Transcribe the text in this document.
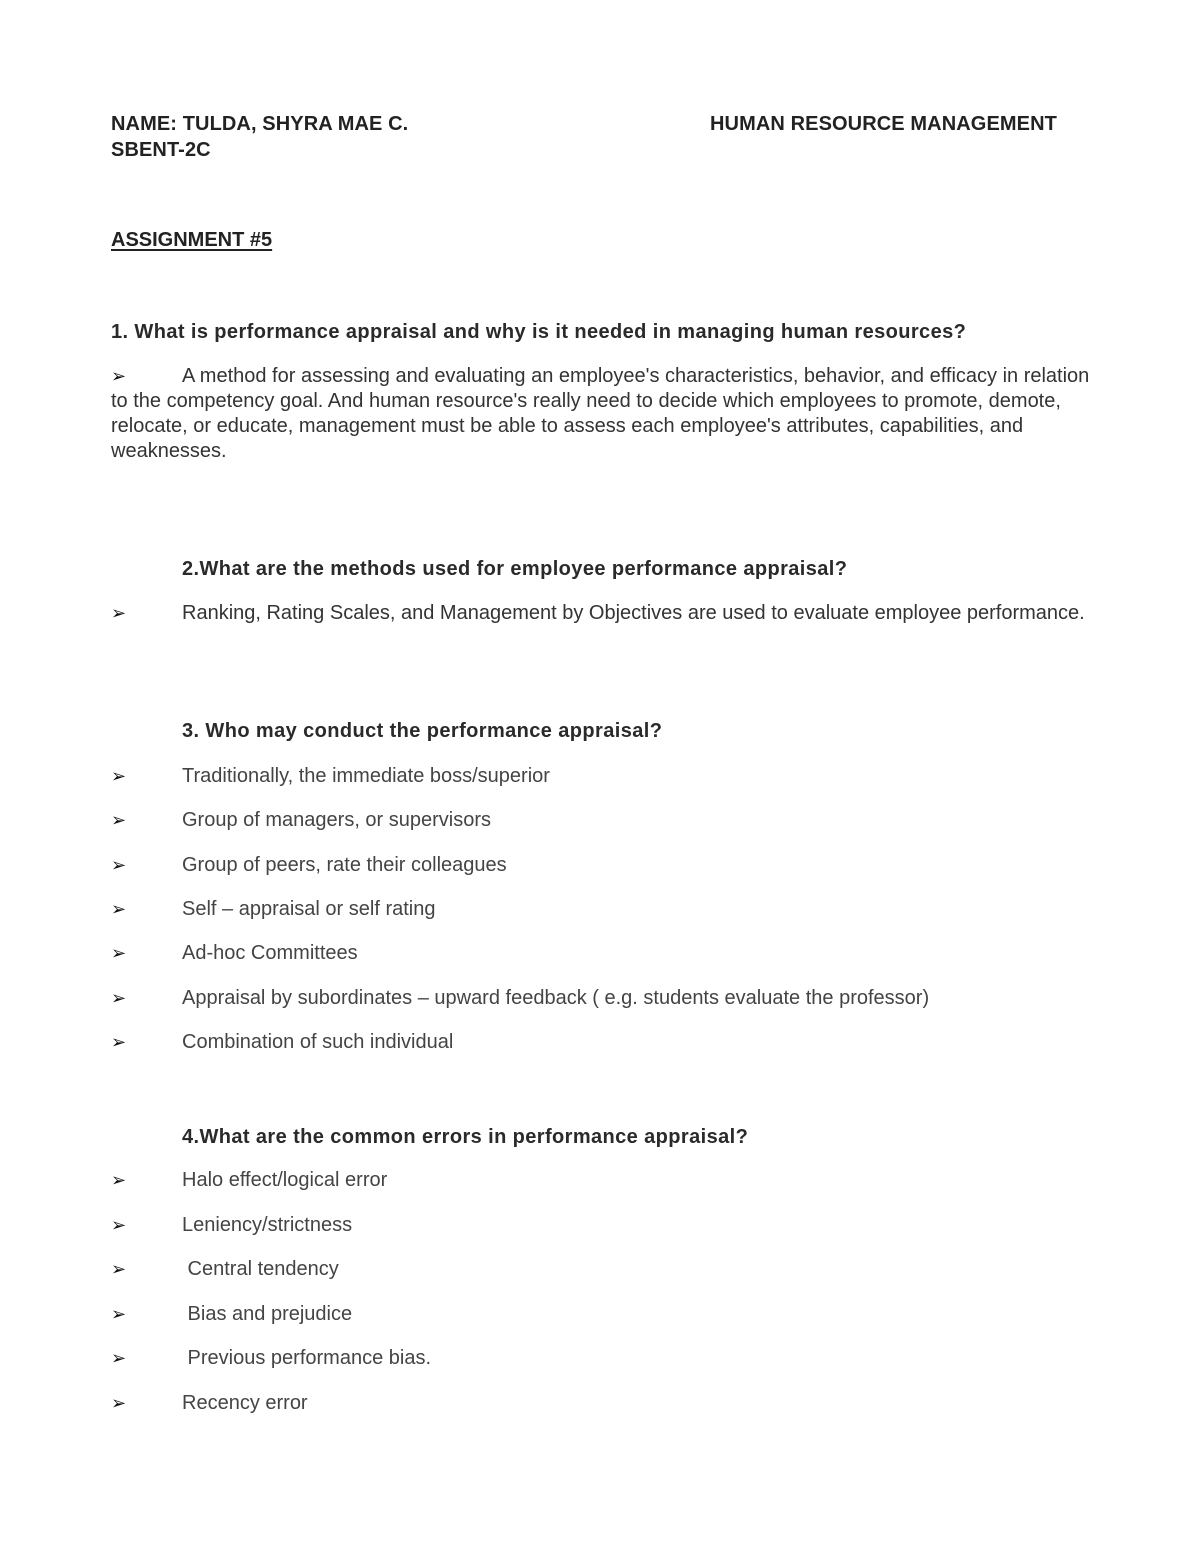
NAME: TULDA, SHYRA MAE C.	HUMAN RESOURCE MANAGEMENT
SBENT-2C
ASSIGNMENT #5
1. What is performance appraisal and why is it needed in managing human resources?
➢	A method for assessing and evaluating an employee's characteristics, behavior, and efficacy in relation to the competency goal. And human resource's really need to decide which employees to promote, demote, relocate, or educate, management must be able to assess each employee's attributes, capabilities, and weaknesses.
2.What are the methods used for employee performance appraisal?
➢	Ranking, Rating Scales, and Management by Objectives are used to evaluate employee performance.
3. Who may conduct the performance appraisal?
➢	Traditionally, the immediate boss/superior
➢	Group of managers, or supervisors
➢	Group of peers, rate their colleagues
➢	Self – appraisal or self rating
➢	Ad-hoc Committees
➢	Appraisal by subordinates – upward feedback ( e.g. students evaluate the professor)
➢	Combination of such individual
4.What are the common errors in performance appraisal?
➢	Halo effect/logical error
➢	Leniency/strictness
➢	Central tendency
➢	Bias and prejudice
➢	Previous performance bias.
➢	Recency error
